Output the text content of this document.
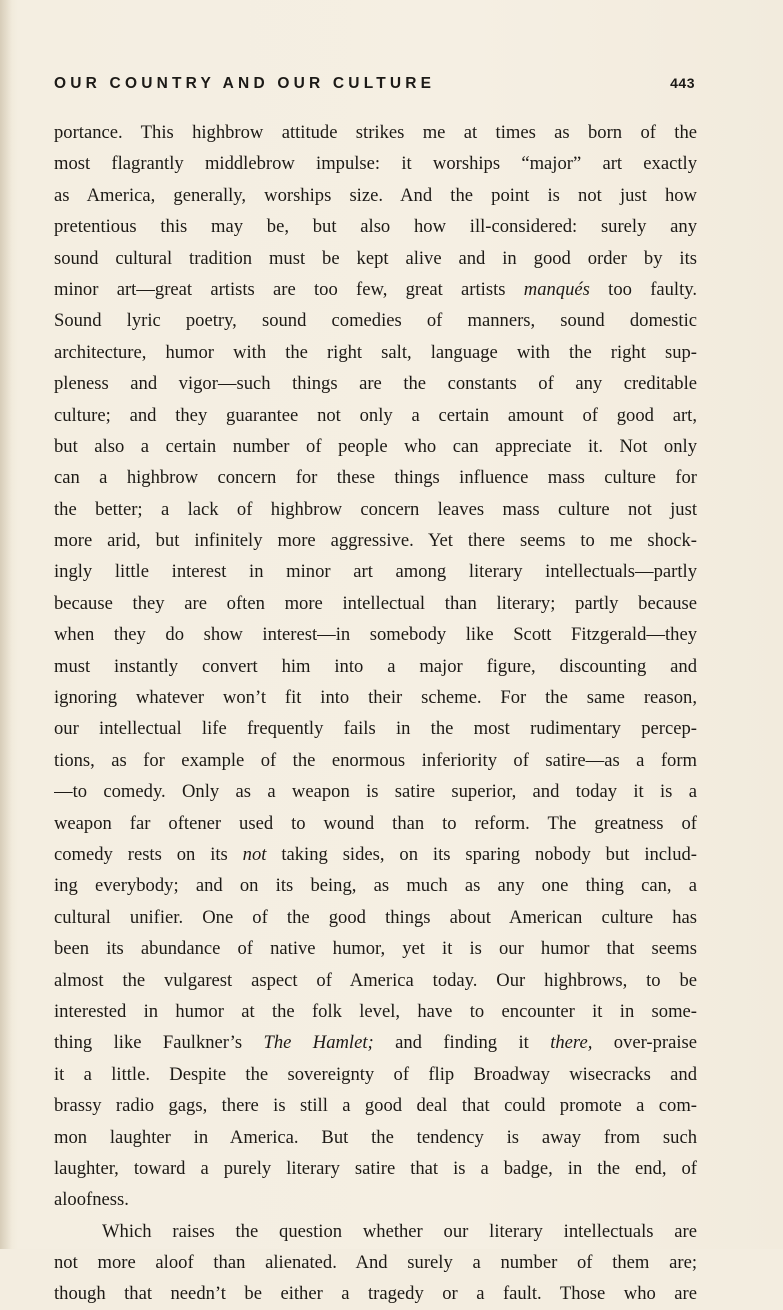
OUR COUNTRY AND OUR CULTURE	443
portance. This highbrow attitude strikes me at times as born of the
most flagrantly middlebrow impulse: it worships “major” art exactly
as America, generally, worships size. And the point is not just how
pretentious this may be, but also how ill-considered: surely any
sound cultural tradition must be kept alive and in good order by its
minor art—great artists are too few, great artists manqués too faulty.
Sound lyric poetry, sound comedies of manners, sound domestic
architecture, humor with the right salt, language with the right sup-
pleness and vigor—such things are the constants of any creditable
culture; and they guarantee not only a certain amount of good art,
but also a certain number of people who can appreciate it. Not only
can a highbrow concern for these things influence mass culture for
the better; a lack of highbrow concern leaves mass culture not just
more arid, but infinitely more aggressive. Yet there seems to me shock-
ingly little interest in minor art among literary intellectuals—partly
because they are often more intellectual than literary; partly because
when they do show interest—in somebody like Scott Fitzgerald—they
must instantly convert him into a major figure, discounting and
ignoring whatever won’t fit into their scheme. For the same reason,
our intellectual life frequently fails in the most rudimentary percep-
tions, as for example of the enormous inferiority of satire—as a form
—to comedy. Only as a weapon is satire superior, and today it is a
weapon far oftener used to wound than to reform. The greatness of
comedy rests on its not taking sides, on its sparing nobody but includ-
ing everybody; and on its being, as much as any one thing can, a
cultural unifier. One of the good things about American culture has
been its abundance of native humor, yet it is our humor that seems
almost the vulgarest aspect of America today. Our highbrows, to be
interested in humor at the folk level, have to encounter it in some-
thing like Faulkner’s The Hamlet; and finding it there, over-praise
it a little. Despite the sovereignty of flip Broadway wisecracks and
brassy radio gags, there is still a good deal that could promote a com-
mon laughter in America. But the tendency is away from such
laughter, toward a purely literary satire that is a badge, in the end, of
aloofness.
Which raises the question whether our literary intellectuals are
not more aloof than alienated. And surely a number of them are;
though that needn’t be either a tragedy or a fault. Those who are
